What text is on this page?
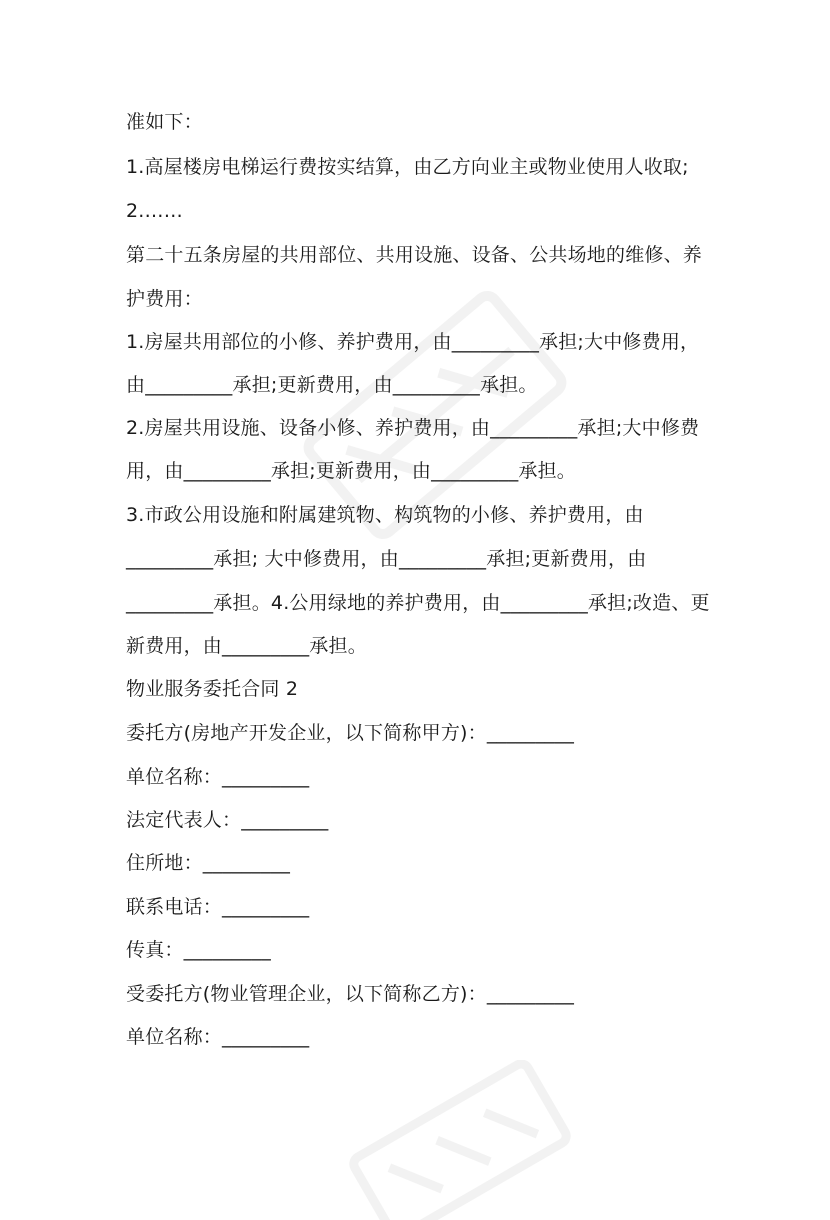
准如下：
1.高屋楼房电梯运行费按实结算，由乙方向业主或物业使用人收取;
2.……
第二十五条房屋的共用部位、共用设施、设备、公共场地的维修、养
护费用：
1.房屋共用部位的小修、养护费用，由_________承担;大中修费用，
由_________承担;更新费用，由_________承担。
2.房屋共用设施、设备小修、养护费用，由_________承担;大中修费
用，由_________承担;更新费用，由_________承担。
3.市政公用设施和附属建筑物、构筑物的小修、养护费用，由
_________承担; 大中修费用，由_________承担;更新费用，由
_________承担。4.公用绿地的养护费用，由_________承担;改造、更
新费用，由_________承担。
物业服务委托合同 2
委托方(房地产开发企业，以下简称甲方)：_________
单位名称：_________
法定代表人：_________
住所地：_________
联系电话：_________
传真：_________
受委托方(物业管理企业，以下简称乙方)：_________
单位名称：_________
